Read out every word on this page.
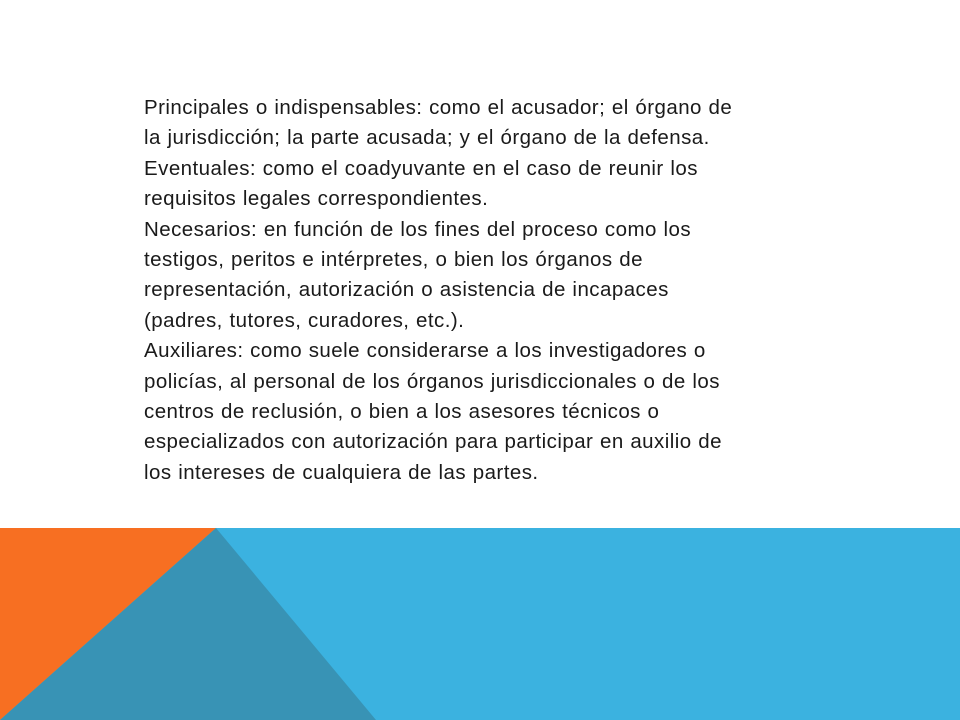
Principales o indispensables: como el acusador; el órgano de la jurisdicción; la parte acusada; y el órgano de la defensa.

Eventuales: como el coadyuvante en el caso de reunir los requisitos legales correspondientes.

Necesarios: en función de los fines del proceso como los testigos, peritos e intérpretes, o bien los órganos de representación, autorización o asistencia de incapaces (padres, tutores, curadores, etc.).

Auxiliares: como suele considerarse a los investigadores o policías, al personal de los órganos jurisdiccionales o de los centros de reclusión, o bien a los asesores técnicos o especializados con autorización para participar en auxilio de los intereses de cualquiera de las partes.
